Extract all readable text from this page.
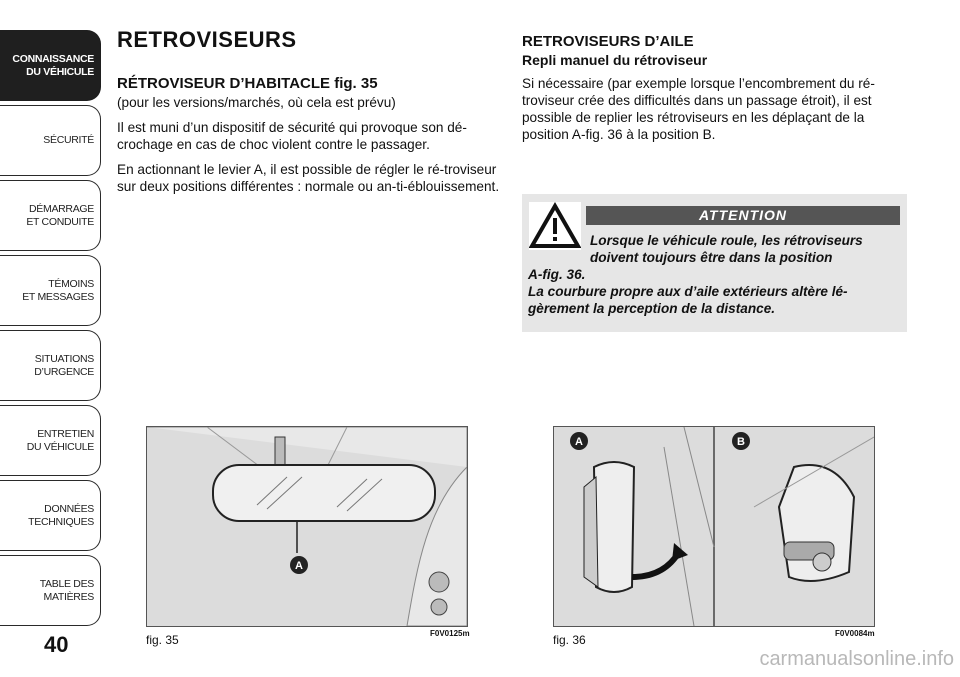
CONNAISSANCE
DU VÉHICULE
SÉCURITÉ
DÉMARRAGE
ET CONDUITE
TÉMOINS
ET MESSAGES
SITUATIONS
D’URGENCE
ENTRETIEN
DU VÉHICULE
DONNÉES
TECHNIQUES
TABLE DES
MATIÈRES
40
RETROVISEURS
RÉTROVISEUR D’HABITACLE fig. 35

(pour les versions/marchés, où cela est prévu)

Il est muni d’un dispositif de sécurité qui provoque son dé-crochage en cas de choc violent contre le passager.

En actionnant le levier A, il est possible de régler le ré-troviseur sur deux positions différentes : normale ou an-ti-éblouissement.

RETROVISEURS D’AILE
Repli manuel du rétroviseur

Si nécessaire (par exemple lorsque l’encombrement du ré-troviseur crée des difficultés dans un passage étroit), il est possible de replier les rétroviseurs en les déplaçant de la position A-fig. 36 à la position B.

ATTENTION
Lorsque le véhicule roule, les rétroviseurs doivent toujours être dans la position
A-fig. 36.
La courbure propre aux d’aile extérieurs altère lé-gèrement la perception de la distance.
A
fig. 35	F0V0125m
A	B
fig. 36	F0V0084m
carmanualsonline.info
